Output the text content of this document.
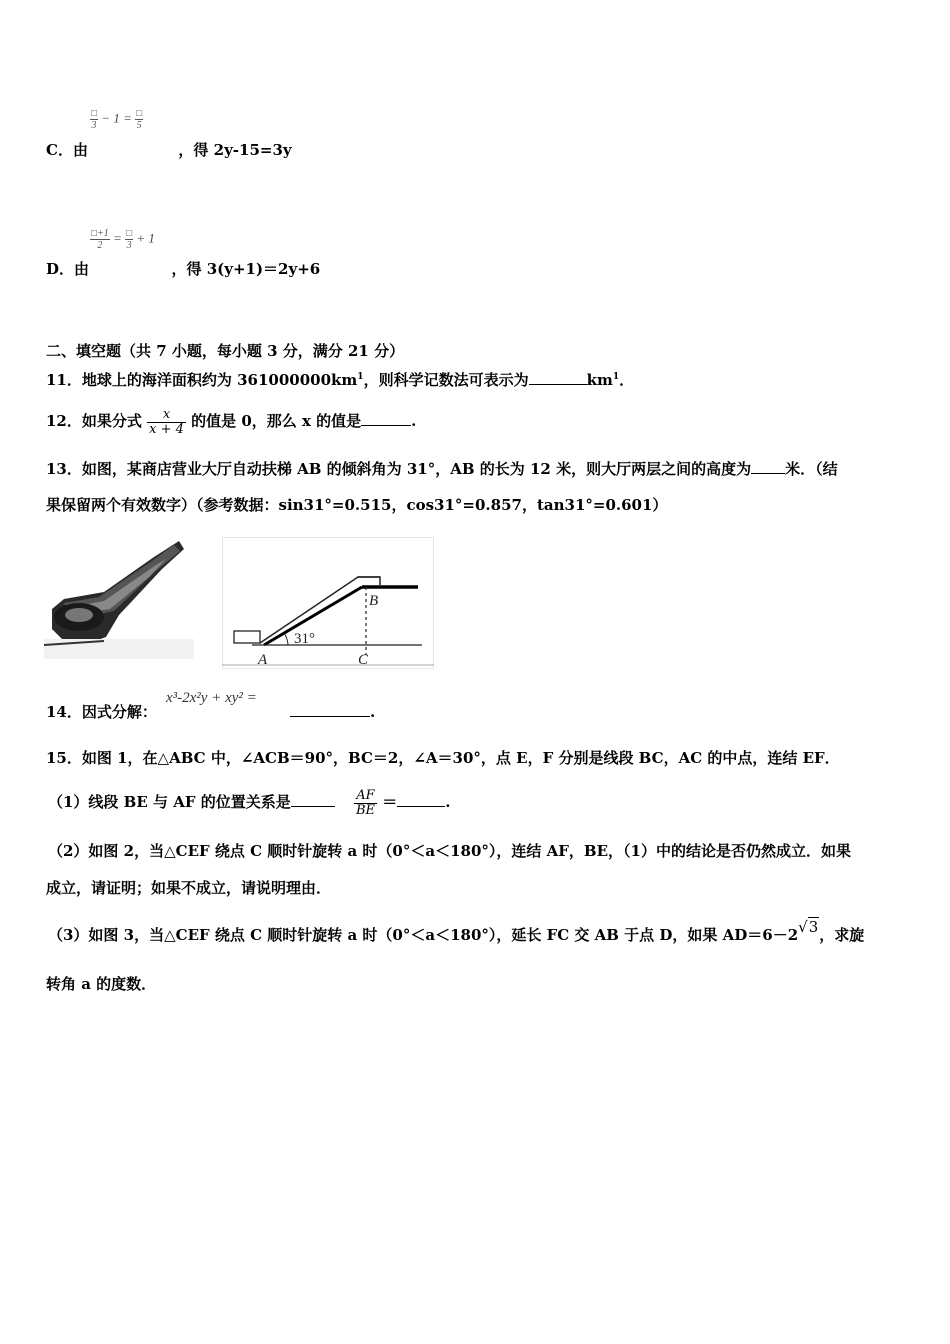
$\frac{□}{3} - 1 = \frac{□}{5}$
C．由	，得 2y-15=3y
$\frac{□+1}{2} = \frac{□}{3} + 1$
D．由	，得 3(y+1)＝2y+6
二、填空题（共 7 小题，每小题 3 分，满分 21 分）
11．地球上的海洋面积约为 $361000000km^1$，则科学记数法可表示为	$km^1$．
12．如果分式 $\frac{x}{x + 4}$ 的值是 0，那么 x 的值是	.
13．如图，某商店营业大厅自动扶梯 AB 的倾斜角为 31°，AB 的长为 12 米，则大厅两层之间的高度为 米．（结
果保留两个有效数字）（参考数据：sin31°=0.515，cos31°=0.857，tan31°=0.601）
B
31°
A	C
14．因式分解：
x³-2x²y + xy² =
.
15．如图 1，在△ABC 中，∠ACB＝90°，BC＝2，∠A＝30°，点 E，F 分别是线段 BC，AC 的中点，连结 EF．
（1）线段 BE 与 AF 的位置关系是	$\frac{AF}{BE}$ ＝	.
（2）如图 2，当△CEF 绕点 C 顺时针旋转 a 时（0°＜a＜180°），连结 AF，BE，（1）中的结论是否仍然成立．如果
成立，请证明；如果不成立，请说明理由．
（3）如图 3，当△CEF 绕点 C 顺时针旋转 a 时（0°＜a＜180°），延长 FC 交 AB 于点 D，如果 AD＝6－2√3，求旋
转角 a 的度数．
